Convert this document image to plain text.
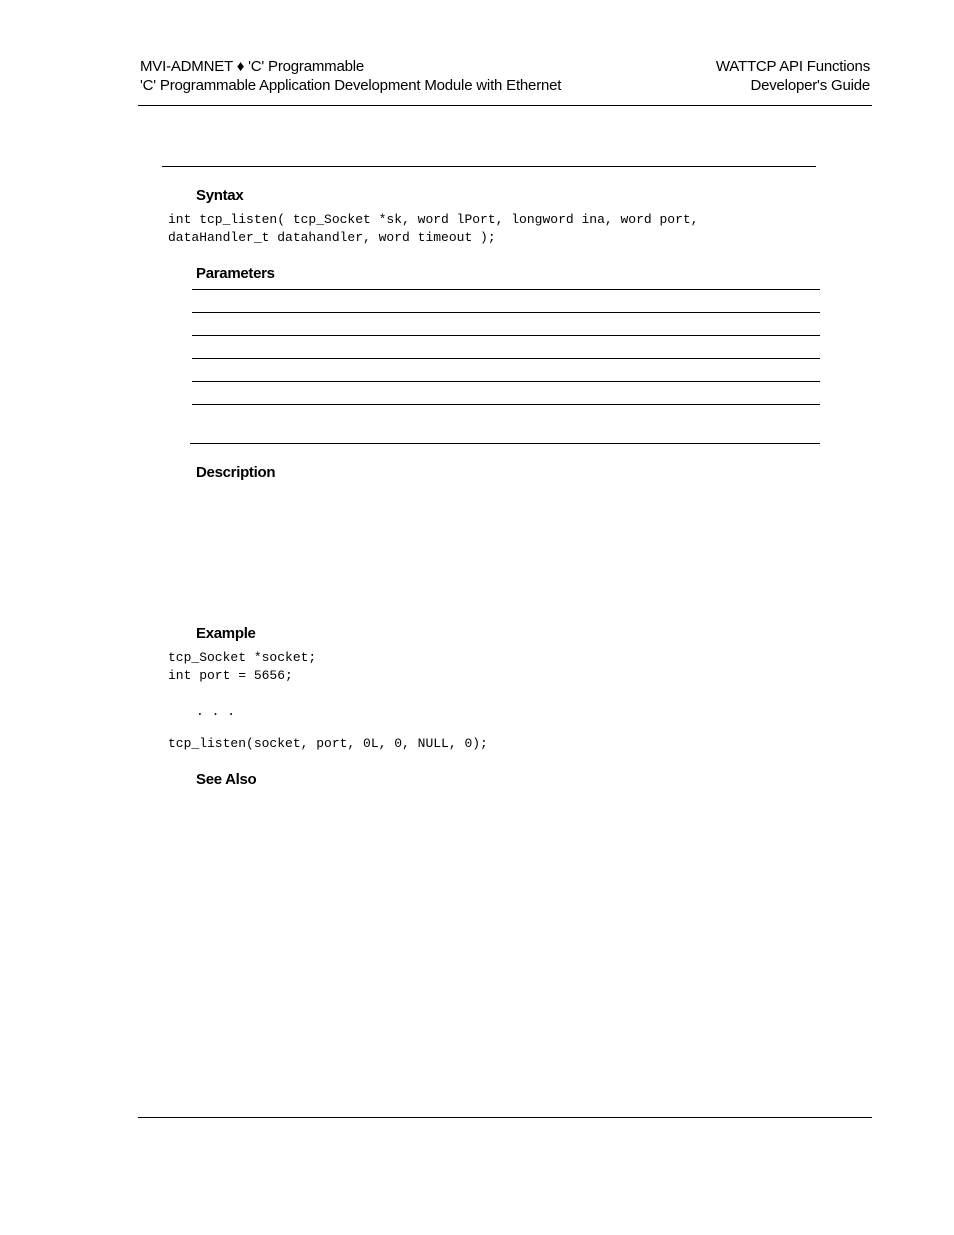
MVI-ADMNET ♦ 'C' Programmable
'C' Programmable Application Development Module with Ethernet
WATTCP API Functions
Developer's Guide
Syntax
int tcp_listen( tcp_Socket *sk, word lPort, longword ina, word port,
dataHandler_t datahandler, word timeout );
Parameters
Description
Example
tcp_Socket *socket;
int port = 5656;
. . .
tcp_listen(socket, port, 0L, 0, NULL, 0);
See Also
